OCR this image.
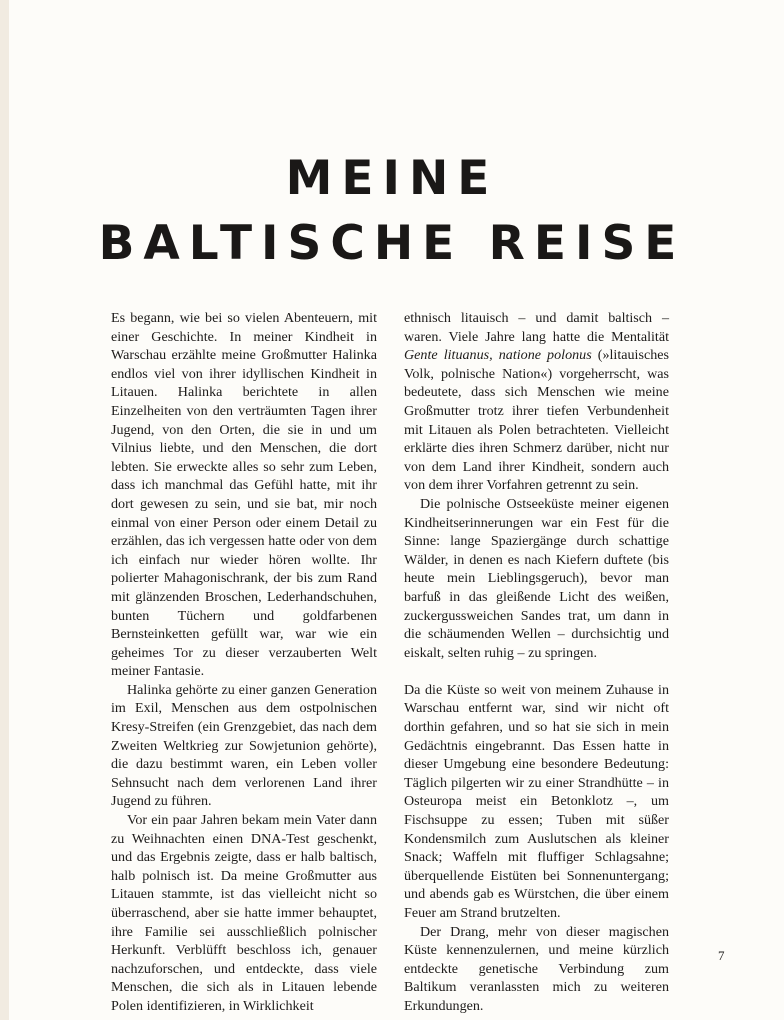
MEINE
BALTISCHE REISE

Es begann, wie bei so vielen Abenteuern, mit einer Geschichte. In meiner Kindheit in Warschau erzählte meine Großmutter Halinka endlos viel von ihrer idyllischen Kindheit in Litauen. Halinka berichtete in allen Einzelheiten von den verträumten Tagen ihrer Jugend, von den Orten, die sie in und um Vilnius liebte, und den Menschen, die dort lebten. Sie erweckte alles so sehr zum Leben, dass ich manchmal das Gefühl hatte, mit ihr dort gewesen zu sein, und sie bat, mir noch einmal von einer Person oder einem Detail zu erzählen, das ich vergessen hatte oder von dem ich einfach nur wieder hören wollte. Ihr polierter Mahagonischrank, der bis zum Rand mit glänzenden Broschen, Lederhandschuhen, bunten Tüchern und goldfarbenen Bernsteinketten gefüllt war, war wie ein geheimes Tor zu dieser verzauberten Welt meiner Fantasie.

Halinka gehörte zu einer ganzen Generation im Exil, Menschen aus dem ostpolnischen Kresy-Streifen (ein Grenzgebiet, das nach dem Zweiten Weltkrieg zur Sowjetunion gehörte), die dazu bestimmt waren, ein Leben voller Sehnsucht nach dem verlorenen Land ihrer Jugend zu führen.

Vor ein paar Jahren bekam mein Vater dann zu Weihnachten einen DNA-Test geschenkt, und das Ergebnis zeigte, dass er halb baltisch, halb polnisch ist. Da meine Großmutter aus Litauen stammte, ist das vielleicht nicht so überraschend, aber sie hatte immer behauptet, ihre Familie sei ausschließlich polnischer Herkunft. Verblüfft beschloss ich, genauer nachzuforschen, und entdeckte, dass viele Menschen, die sich als in Litauen lebende Polen identifizieren, in Wirklichkeit

ethnisch litauisch – und damit baltisch – waren. Viele Jahre lang hatte die Mentalität Gente lituanus, natione polonus (»litauisches Volk, polnische Nation«) vorgeherrscht, was bedeutete, dass sich Menschen wie meine Großmutter trotz ihrer tiefen Verbundenheit mit Litauen als Polen betrachteten. Vielleicht erklärte dies ihren Schmerz darüber, nicht nur von dem Land ihrer Kindheit, sondern auch von dem ihrer Vorfahren getrennt zu sein.

Die polnische Ostseeküste meiner eigenen Kindheitserinnerungen war ein Fest für die Sinne: lange Spaziergänge durch schattige Wälder, in denen es nach Kiefern duftete (bis heute mein Lieblingsgeruch), bevor man barfuß in das gleißende Licht des weißen, zuckergussweichen Sandes trat, um dann in die schäumenden Wellen – durchsichtig und eiskalt, selten ruhig – zu springen.

Da die Küste so weit von meinem Zuhause in Warschau entfernt war, sind wir nicht oft dorthin gefahren, und so hat sie sich in mein Gedächtnis eingebrannt. Das Essen hatte in dieser Umgebung eine besondere Bedeutung: Täglich pilgerten wir zu einer Strandhütte – in Osteuropa meist ein Betonklotz –, um Fischsuppe zu essen; Tuben mit süßer Kondensmilch zum Auslutschen als kleiner Snack; Waffeln mit fluffiger Schlagsahne; überquellende Eistüten bei Sonnenuntergang; und abends gab es Würstchen, die über einem Feuer am Strand brutzelten.

Der Drang, mehr von dieser magischen Küste kennenzulernen, und meine kürzlich entdeckte genetische Verbindung zum Baltikum veranlassten mich zu weiteren Erkundungen.

7
